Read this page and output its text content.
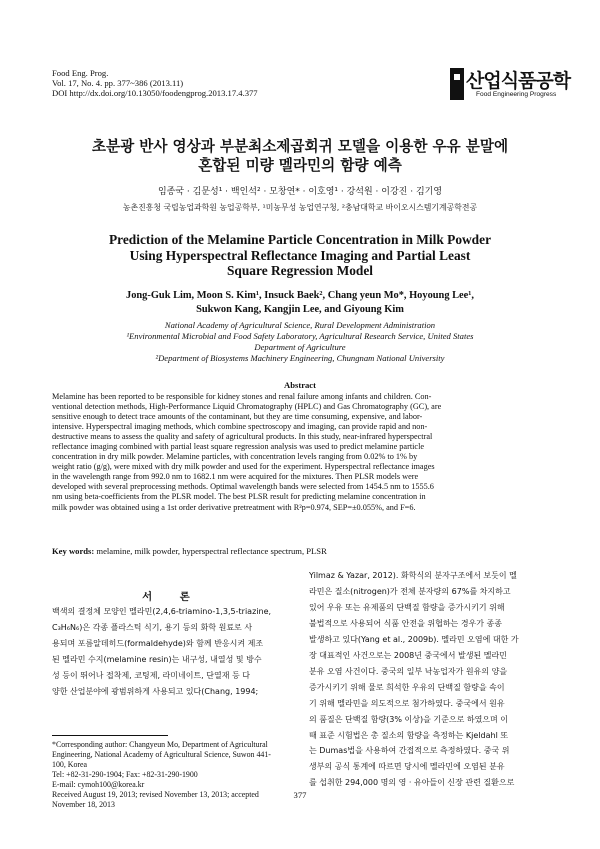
Food Eng. Prog.
Vol. 17, No. 4. pp. 377~386 (2013.11)
DOI http://dx.doi.org/10.13050/foodengprog.2013.17.4.377
산업식품공학
Food Engineering Progress
초분광 반사 영상과 부분최소제곱회귀 모델을 이용한 우유 분말에
혼합된 미량 멜라민의 함량 예측
임종국 · 김문성¹ · 백인석² · 모창연* · 이호영¹ · 강석원 · 이강진 · 김기영
농촌진흥청 국립농업과학원 농업공학부, ¹미농무성 농업연구청, ²충남대학교 바이오시스템기계공학전공
Prediction of the Melamine Particle Concentration in Milk Powder
Using Hyperspectral Reflectance Imaging and Partial Least
Square Regression Model
Jong-Guk Lim, Moon S. Kim¹, Insuck Baek², Chang yeun Mo*, Hoyoung Lee¹,
Sukwon Kang, Kangjin Lee, and Giyoung Kim
National Academy of Agricultural Science, Rural Development Administration
¹Environmental Microbial and Food Safety Laboratory, Agricultural Research Service, United States
Department of Agriculture
²Department of Biosystems Machinery Engineering, Chungnam National University
Abstract
Melamine has been reported to be responsible for kidney stones and renal failure among infants and children. Con-
ventional detection methods, High-Performance Liquid Chromatography (HPLC) and Gas Chromatography (GC), are
sensitive enough to detect trace amounts of the contaminant, but they are time consuming, expensive, and labor-
intensive. Hyperspectral imaging methods, which combine spectroscopy and imaging, can provide rapid and non-
destructive means to assess the quality and safety of agricultural products. In this study, near-infrared hyperspectral
reflectance imaging combined with partial least square regression analysis was used to predict melamine particle
concentration in dry milk powder. Melamine particles, with concentration levels ranging from 0.02% to 1% by
weight ratio (g/g), were mixed with dry milk powder and used for the experiment. Hyperspectral reflectance images
in the wavelength range from 992.0 nm to 1682.1 nm were acquired for the mixtures. Then PLSR models were
developed with several preprocessing methods. Optimal wavelength bands were selected from 1454.5 nm to 1555.6
nm using beta-coefficients from the PLSR model. The best PLSR result for predicting melamine concentration in
milk powder was obtained using a 1st order derivative pretreatment with R²p=0.974, SEP=±0.055%, and F=6.
Key words: melamine, milk powder, hyperspectral reflectance spectrum, PLSR
서 론
백색의 결정체 모양인 멜라민(2,4,6-triamino-1,3,5-triazine,
C₃H₆N₆)은 각종 플라스틱 식기, 용기 등의 화학 원료로 사
용되며 포름알데히드(formaldehyde)와 함께 반응시켜 제조
된 멜라민 수지(melamine resin)는 내구성, 내열성 및 방수
성 등이 뛰어나 접착제, 코팅제, 라미네이트, 단열재 등 다
양한 산업분야에 광범위하게 사용되고 있다(Chang, 1994;
Yilmaz & Yazar, 2012). 화학식의 분자구조에서 보듯이 멜
라민은 질소(nitrogen)가 전체 분자량의 67%를 차지하고
있어 우유 또는 유제품의 단백질 함량을 증가시키기 위해
불법적으로 사용되어 식품 안전을 위협하는 경우가 종종
발생하고 있다(Yang et al., 2009b). 멜라민 오염에 대한 가
장 대표적인 사건으로는 2008년 중국에서 발생된 멜라민
분유 오염 사건이다. 중국의 일부 낙농업자가 원유의 양을
증가시키기 위해 물로 희석한 우유의 단백질 함량을 속이
기 위해 멜라민을 의도적으로 첨가하였다. 중국에서 원유
의 품질은 단백질 함량(3% 이상)을 기준으로 하였으며 이
때 표준 시험법은 총 질소의 함량을 측정하는 Kjeldahl 또
는 Dumas법을 사용하여 간접적으로 측정하였다. 중국 위
생부의 공식 통계에 따르면 당시에 멜라민에 오염된 분유
를 섭취한 294,000 명의 영 · 유아들이 신장 관련 질환으로
*Corresponding author: Changyeun Mo, Department of Agricultural
Engineering, National Academy of Agricultural Science, Suwon 441-
100, Korea
Tel: +82-31-290-1904; Fax: +82-31-290-1900
E-mail: cymoh100@korea.kr
Received August 19, 2013; revised November 13, 2013; accepted
November 18, 2013
377
